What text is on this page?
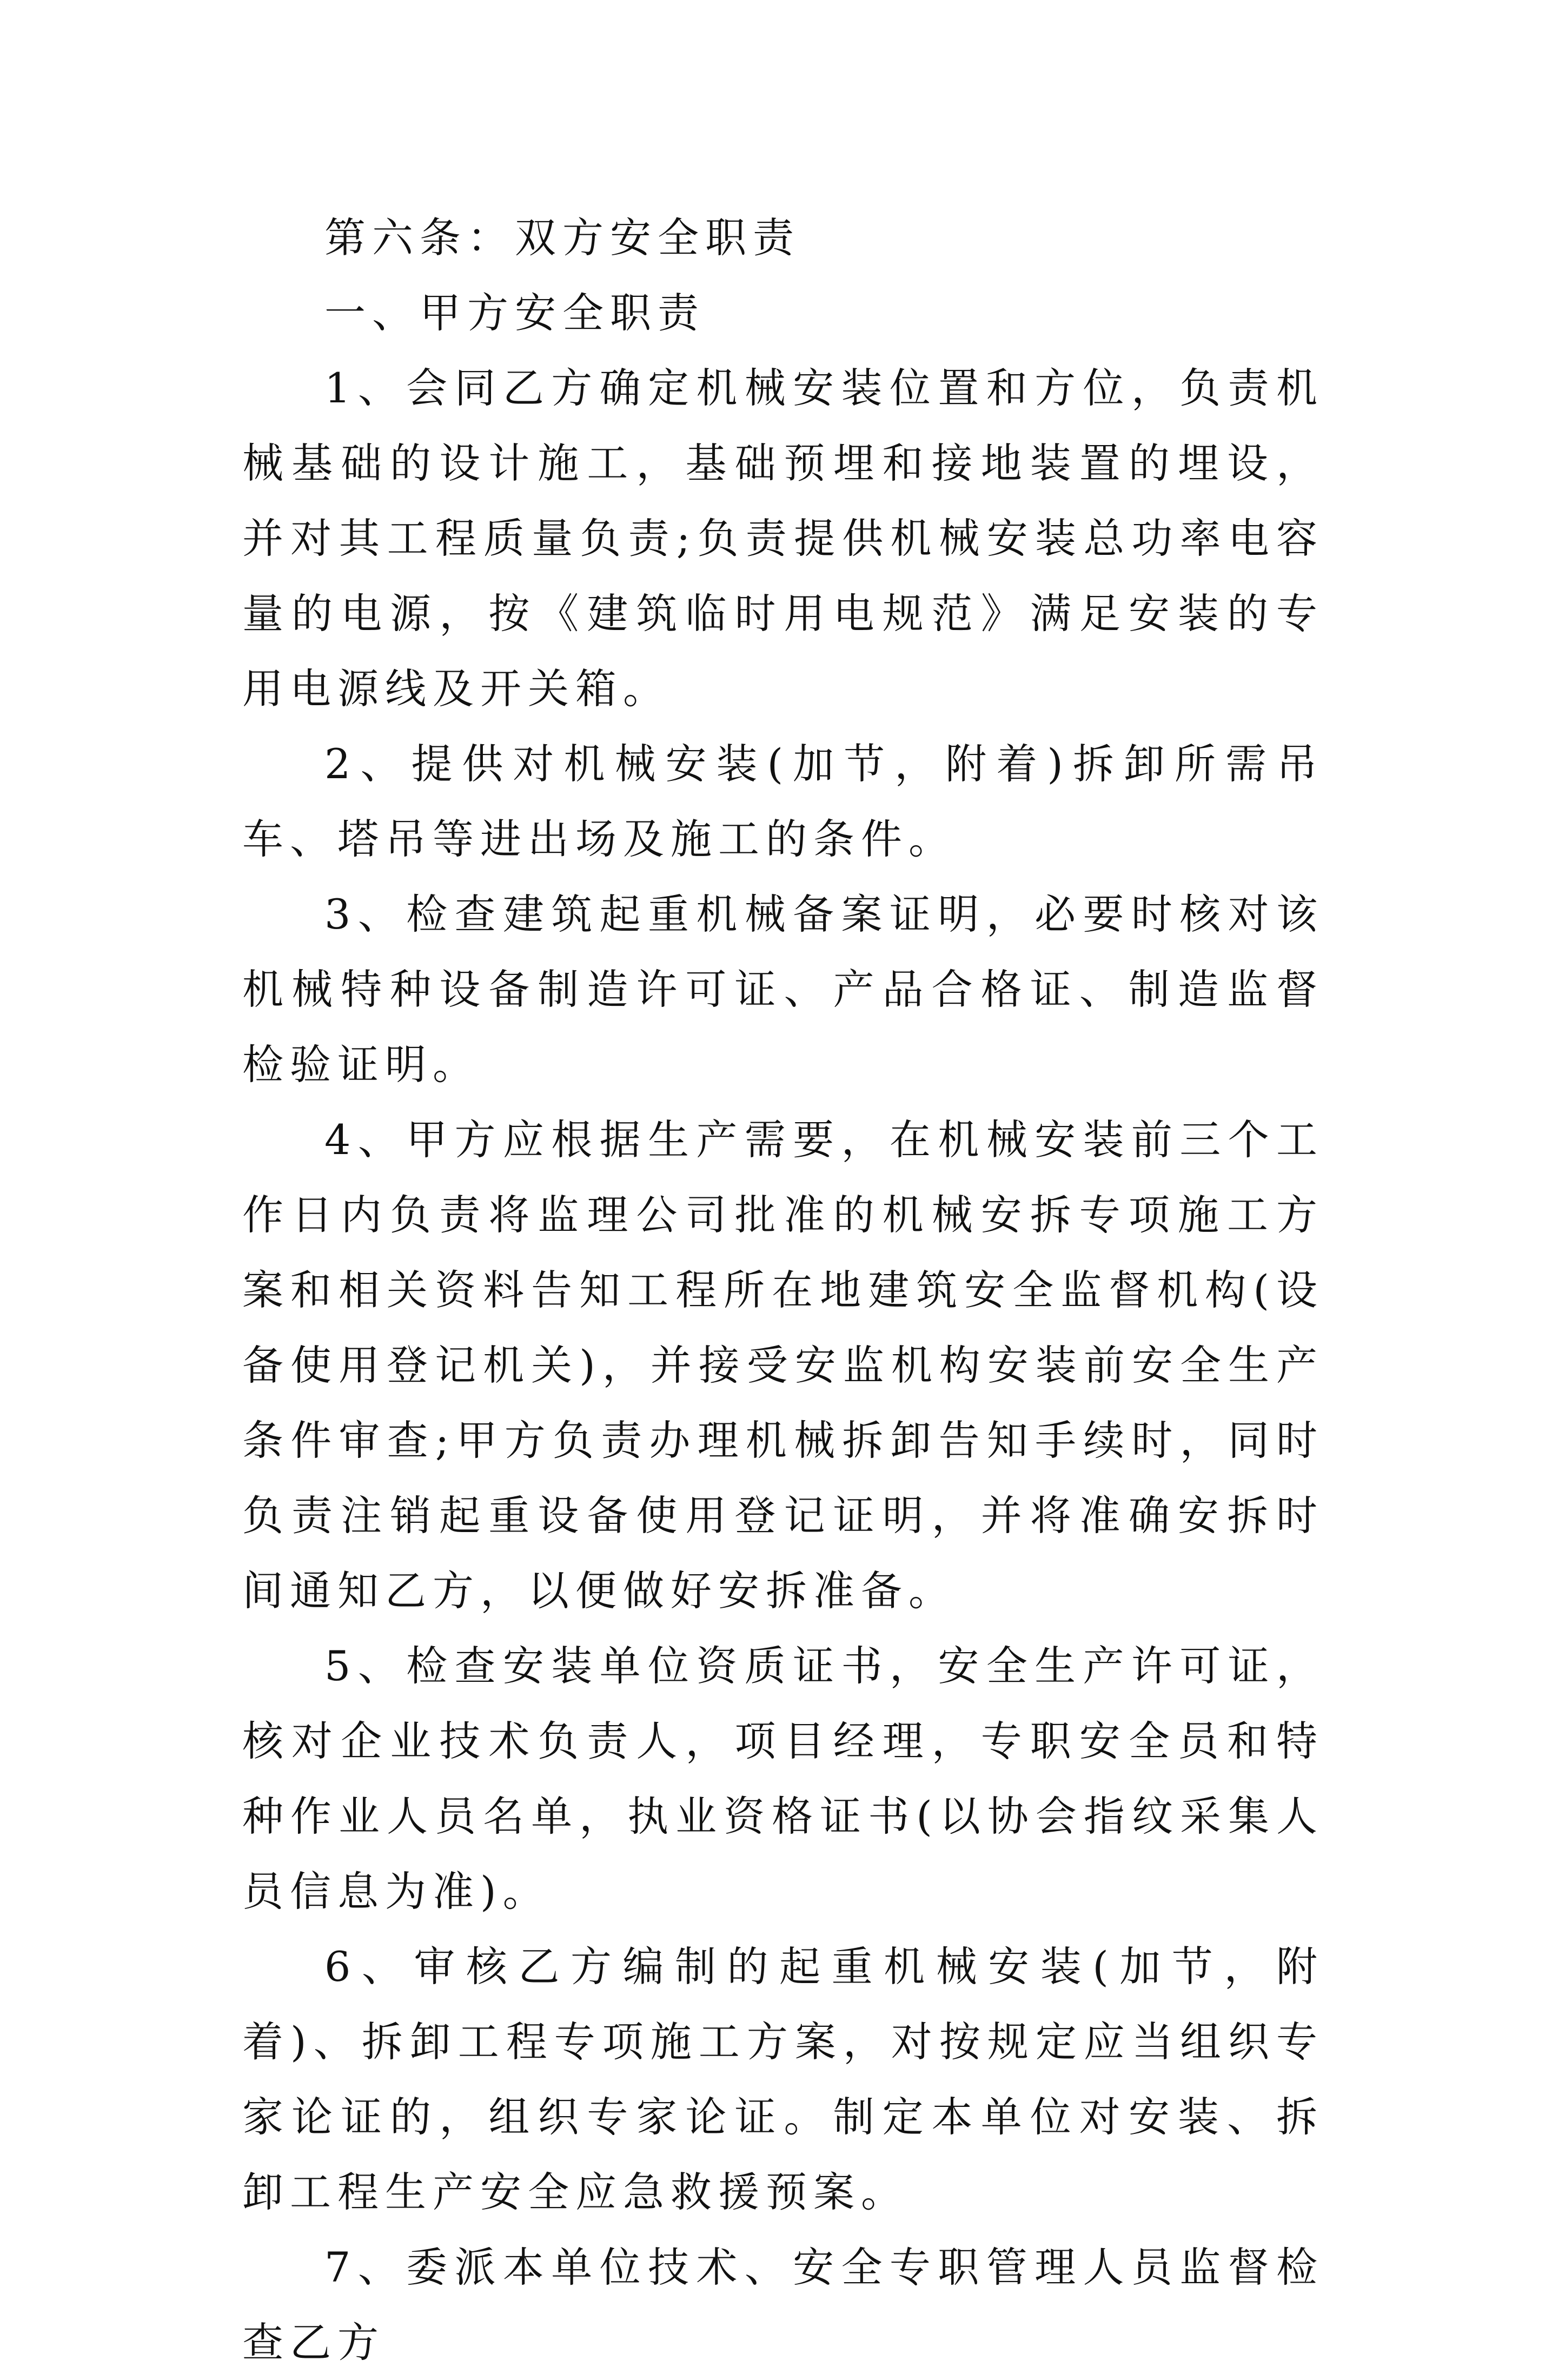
第六条：双方安全职责

一、甲方安全职责

1、会同乙方确定机械安装位置和方位，负责机械基础的设计施工，基础预埋和接地装置的埋设，并对其工程质量负责;负责提供机械安装总功率电容量的电源，按《建筑临时用电规范》满足安装的专用电源线及开关箱。

2、提供对机械安装(加节，附着)拆卸所需吊车、塔吊等进出场及施工的条件。

3、检查建筑起重机械备案证明，必要时核对该机械特种设备制造许可证、产品合格证、制造监督检验证明。

4、甲方应根据生产需要，在机械安装前三个工作日内负责将监理公司批准的机械安拆专项施工方案和相关资料告知工程所在地建筑安全监督机构(设备使用登记机关)，并接受安监机构安装前安全生产条件审查;甲方负责办理机械拆卸告知手续时，同时负责注销起重设备使用登记证明，并将准确安拆时间通知乙方，以便做好安拆准备。

5、检查安装单位资质证书，安全生产许可证，核对企业技术负责人，项目经理，专职安全员和特种作业人员名单，执业资格证书(以协会指纹采集人员信息为准)。

6、审核乙方编制的起重机械安装(加节，附着)、拆卸工程专项施工方案，对按规定应当组织专家论证的，组织专家论证。制定本单位对安装、拆卸工程生产安全应急救援预案。

7、委派本单位技术、安全专职管理人员监督检查乙方
